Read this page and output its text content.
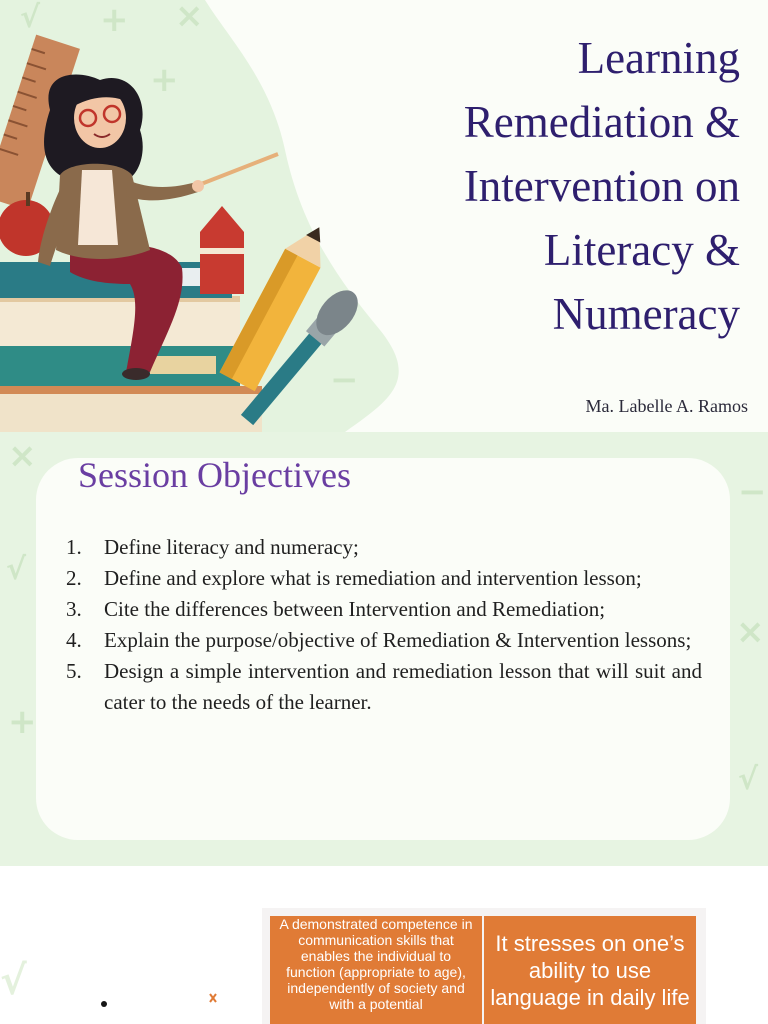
+ ×
√
+
−
Learning
Remediation &
Intervention on
Literacy &
Numeracy
Ma. Labelle A. Ramos
×
√
+
−
×
√
Session Objectives
1. Define literacy and numeracy;
2. Define and explore what is remediation and intervention lesson;
3. Cite the differences between Intervention and Remediation;
4. Explain the purpose/objective of Remediation & Intervention lessons;
5. Design a simple intervention and remediation lesson that will suit and cater to the needs of the learner.
√
A demonstrated competence in communication skills that enables the individual to function (appropriate to age), independently of society and with a potential
It stresses on one’s ability to use language in daily life
